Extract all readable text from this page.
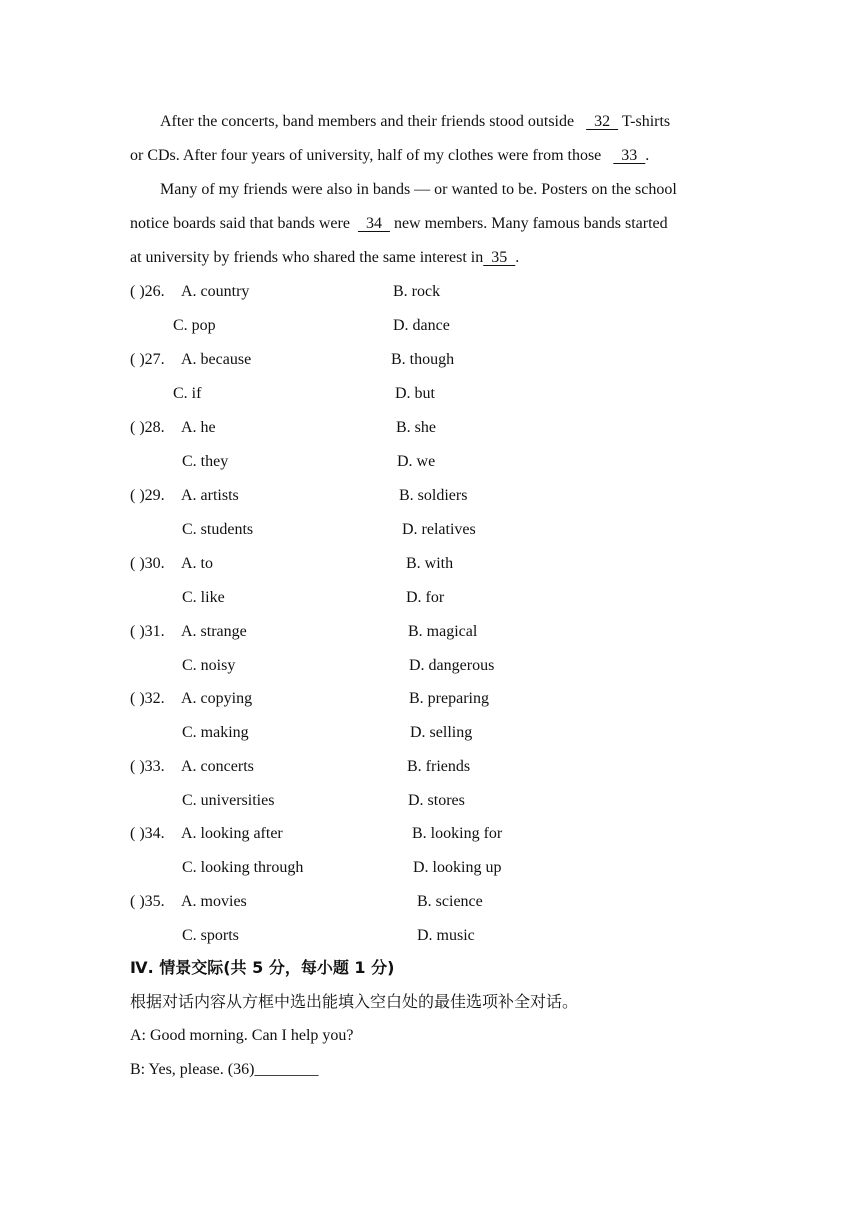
After the concerts, band members and their friends stood outside     32   T-shirts
or CDs. After four years of university, half of my clothes were from those     33  .
Many of my friends were also in bands — or wanted to be. Posters on the school
notice boards said that bands were    34   new members. Many famous bands started
at university by friends who shared the same interest in  35  .
( )26. A. country	B. rock
C. pop	D. dance
( )27. A. because	B. though
C. if	D. but
( )28. A. he	B. she
C. they	D. we
( )29. A. artists	B. soldiers
C. students	D. relatives
( )30. A. to	B. with
C. like	D. for
( )31. A. strange	B. magical
C. noisy	D. dangerous
( )32. A. copying	B. preparing
C. making	D. selling
( )33. A. concerts	B. friends
C. universities	D. stores
( )34. A. looking after	B. looking for
C. looking through	D. looking up
( )35. A. movies	B. science
C. sports	D. music
Ⅳ. 情景交际(共 5 分，每小题 1 分)
根据对话内容从方框中选出能填入空白处的最佳选项补全对话。
A: Good morning. Can I help you?
B: Yes, please. (36)________
